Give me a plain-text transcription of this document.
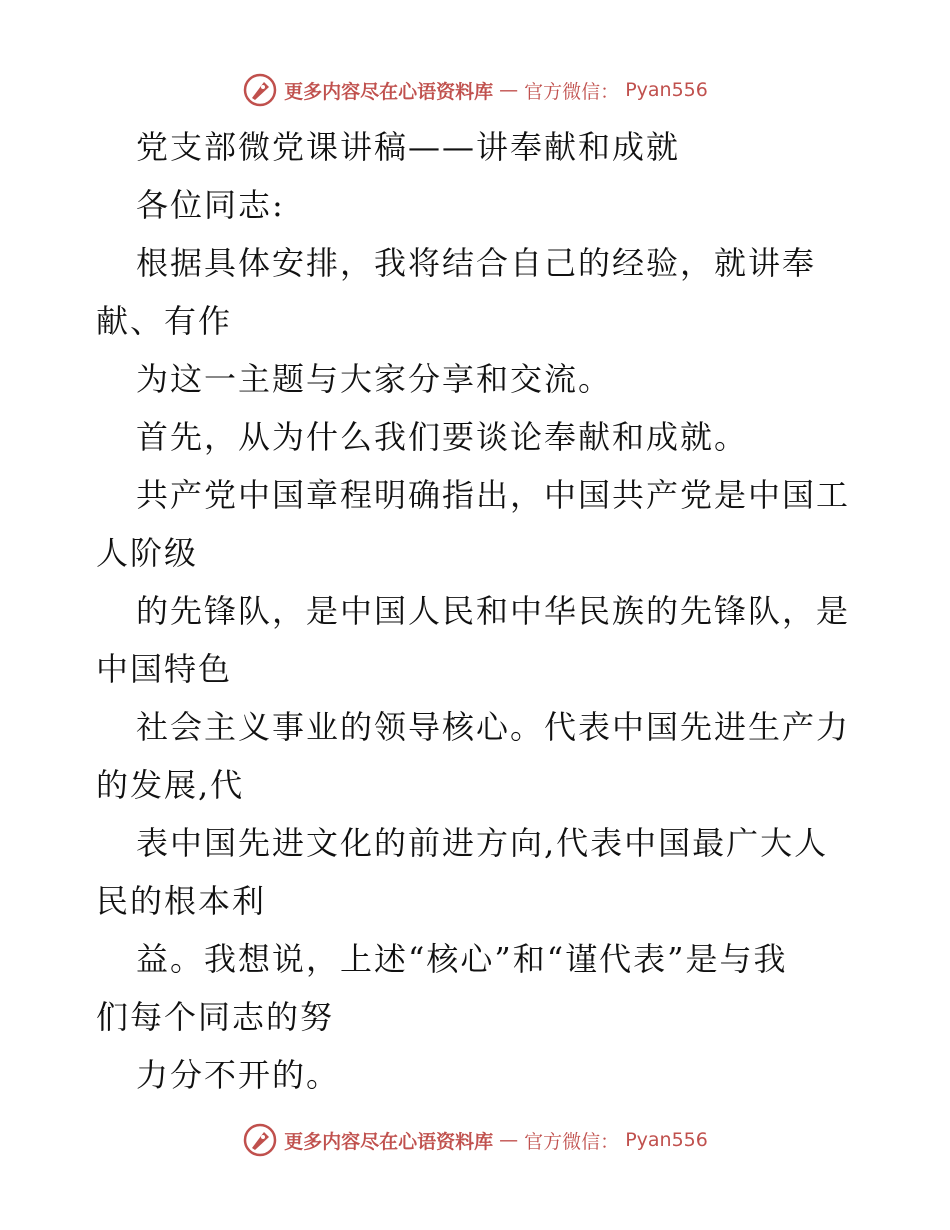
更多内容尽在心语资料库 — 官方微信： Pyan556
党支部微党课讲稿——讲奉献和成就
各位同志:
根据具体安排，我将结合自己的经验，就讲奉
献、有作
为这一主题与大家分享和交流。
首先，从为什么我们要谈论奉献和成就。
共产党中国章程明确指出，中国共产党是中国工
人阶级
的先锋队，是中国人民和中华民族的先锋队，是
中国特色
社会主义事业的领导核心。代表中国先进生产力
的发展,代
表中国先进文化的前进方向,代表中国最广大人
民的根本利
益。我想说，上述“核心”和“谨代表”是与我
们每个同志的努
力分不开的。
更多内容尽在心语资料库 — 官方微信： Pyan556
